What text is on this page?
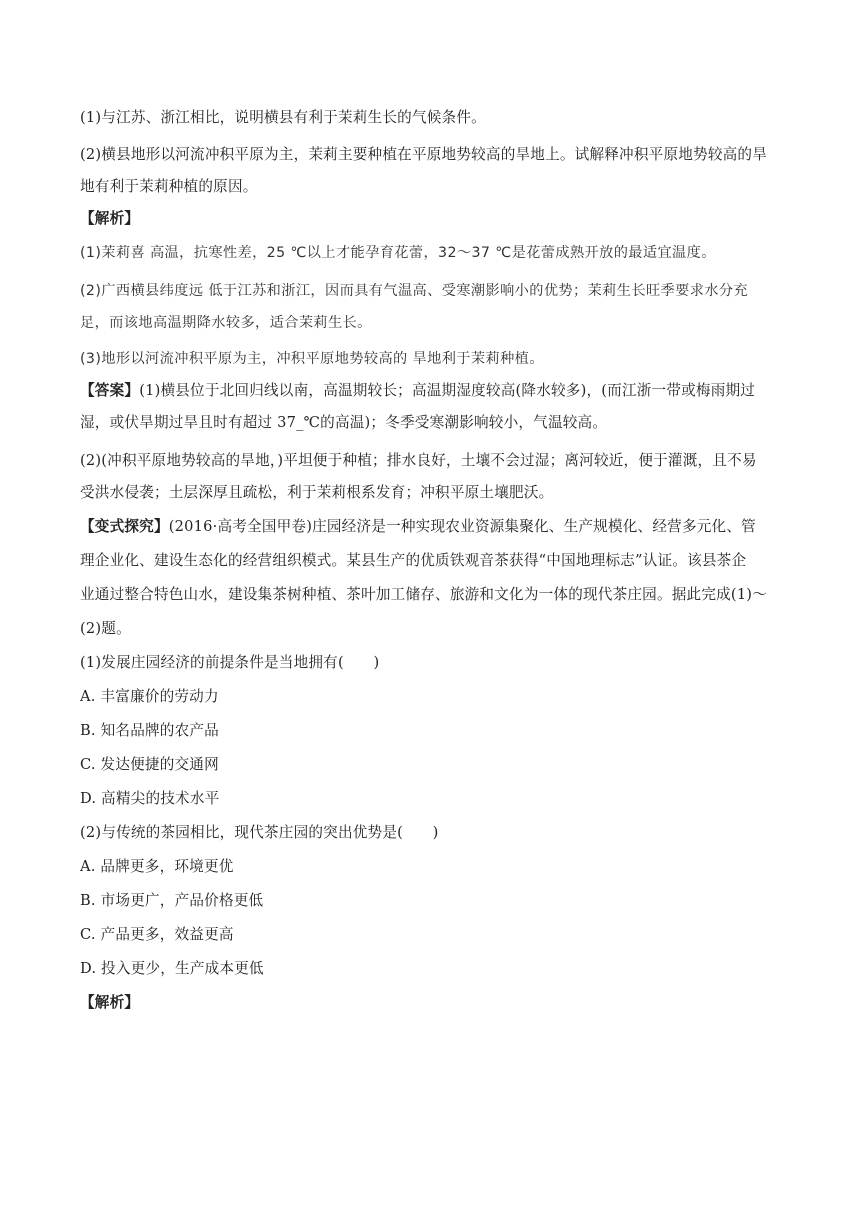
(1)与江苏、浙江相比，说明横县有利于茉莉生长的气候条件。

(2)横县地形以河流冲积平原为主，茉莉主要种植在平原地势较高的旱地上。试解释冲积平原地势较高的旱

地有利于茉莉种植的原因。

【解析】

(1)茉莉喜 高温，抗寒性差，25 ℃以上才能孕育花蕾，32～37 ℃是花蕾成熟开放的最适宜温度。

(2)广西横县纬度远 低于江苏和浙江，因而具有气温高、受寒潮影响小的优势；茉莉生长旺季要求水分充

足，而该地高温期降水较多，适合茉莉生长。

(3)地形以河流冲积平原为主，冲积平原地势较高的 旱地利于茉莉种植。

【答案】(1)横县位于北回归线以南，高温期较长；高温期湿度较高(降水较多)，(而江浙一带或梅雨期过

湿，或伏旱期过旱且时有超过 37_℃的高温)；冬季受寒潮影响较小，气温较高。

(2)(冲积平原地势较高的旱地，)平坦便于种植；排水良好，土壤不会过湿；离河较近，便于灌溉，且不易

受洪水侵袭；土层深厚且疏松，利于茉莉根系发育；冲积平原土壤肥沃。

【变式探究】(2016·高考全国甲卷)庄园经济是一种实现农业资源集聚化、生产规模化、经营多元化、管

理企业化、建设生态化的经营组织模式。某县生产的优质铁观音茶获得“中国地理标志”认证。该县茶企

业通过整合特色山水，建设集茶树种植、茶叶加工储存、旅游和文化为一体的现代茶庄园。据此完成(1)～

(2)题。

(1)发展庄园经济的前提条件是当地拥有(　　)

A. 丰富廉价的劳动力

B. 知名品牌的农产品

C. 发达便捷的交通网

D. 高精尖的技术水平

(2)与传统的茶园相比，现代茶庄园的突出优势是(　　)

A. 品牌更多，环境更优

B. 市场更广，产品价格更低

C. 产品更多，效益更高

D. 投入更少，生产成本更低

【解析】
